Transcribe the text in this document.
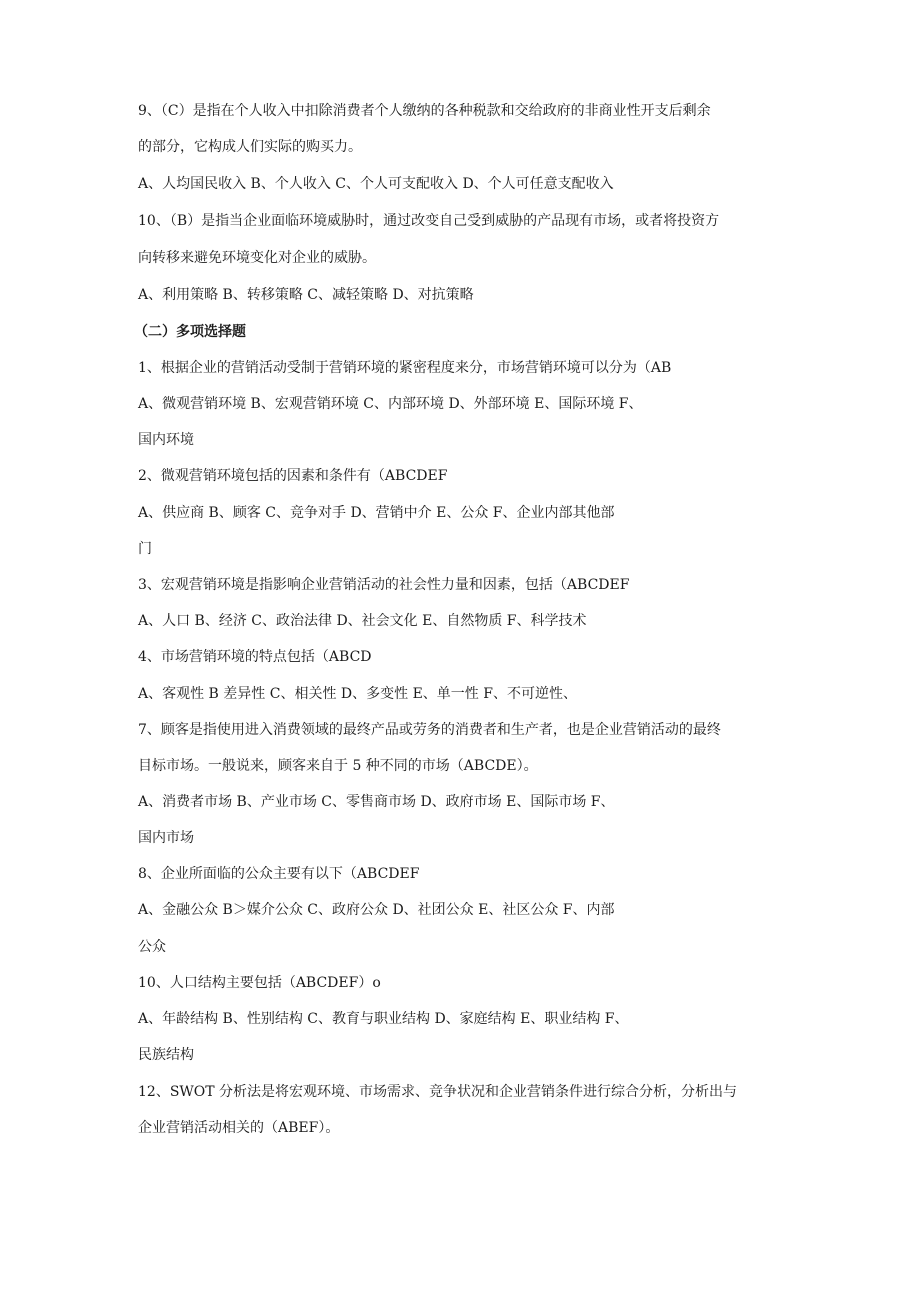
9、（C）是指在个人收入中扣除消费者个人缴纳的各种税款和交给政府的非商业性开支后剩余
的部分，它构成人们实际的购买力。
A、人均国民收入 B、个人收入 C、个人可支配收入 D、个人可任意支配收入
10、（B）是指当企业面临环境威胁时，通过改变自己受到威胁的产品现有市场，或者将投资方
向转移来避免环境变化对企业的威胁。
A、利用策略 B、转移策略 C、减轻策略 D、对抗策略
（二）多项选择题
1、根据企业的营销活动受制于营销环境的紧密程度来分，市场营销环境可以分为（AB
A、微观营销环境 B、宏观营销环境 C、内部环境 D、外部环境 E、国际环境 F、
国内环境
2、微观营销环境包括的因素和条件有（ABCDEF
A、供应商 B、顾客 C、竞争对手 D、营销中介 E、公众 F、企业内部其他部
门
3、宏观营销环境是指影响企业营销活动的社会性力量和因素，包括（ABCDEF
A、人口 B、经济 C、政治法律 D、社会文化 E、自然物质 F、科学技术
4、市场营销环境的特点包括（ABCD
A、客观性 B 差异性 C、相关性 D、多变性 E、单一性 F、不可逆性、
7、顾客是指使用进入消费领域的最终产品或劳务的消费者和生产者，也是企业营销活动的最终
目标市场。一般说来，顾客来自于 5 种不同的市场（ABCDE）。
A、消费者市场 B、产业市场 C、零售商市场 D、政府市场 E、国际市场 F、
国内市场
8、企业所面临的公众主要有以下（ABCDEF
A、金融公众 B＞媒介公众 C、政府公众 D、社团公众 E、社区公众 F、内部
公众
10、人口结构主要包括（ABCDEF）o
A、年龄结构 B、性别结构 C、教育与职业结构 D、家庭结构 E、职业结构 F、
民族结构
12、SWOT 分析法是将宏观环境、市场需求、竞争状况和企业营销条件进行综合分析，分析出与
企业营销活动相关的（ABEF）。
